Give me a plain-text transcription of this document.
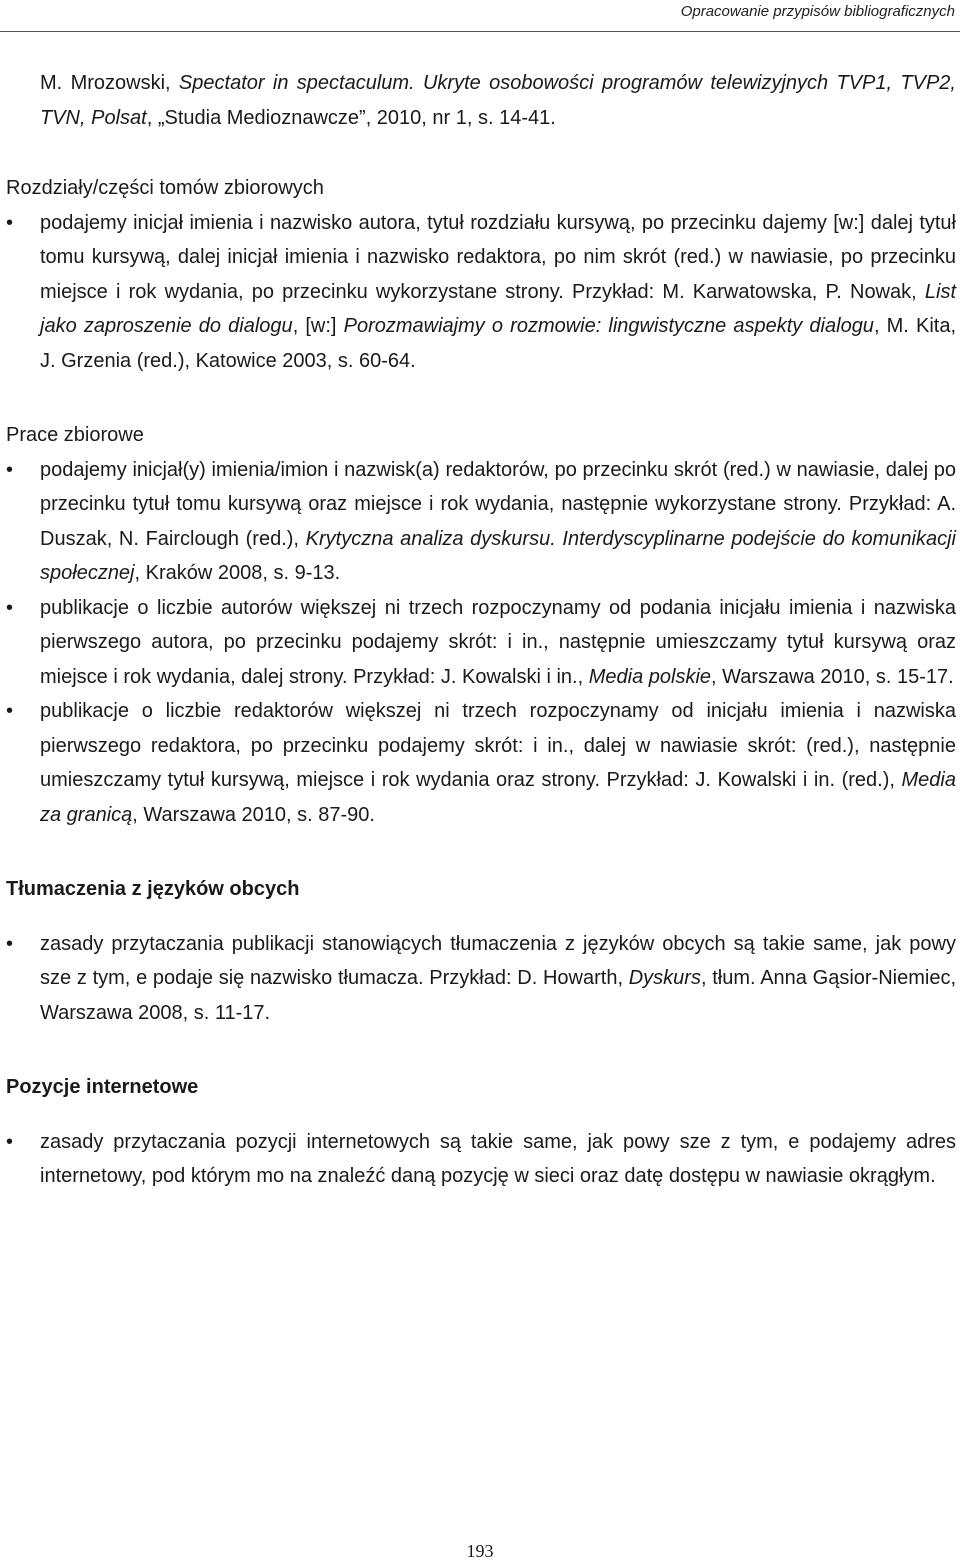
Opracowanie przypisów bibliograficznych

M. Mrozowski, Spectator in spectaculum. Ukryte osobowości programów telewizyjnych TVP1, TVP2, TVN, Polsat, „Studia Medioznawcze”, 2010, nr 1, s. 14-41.

Rozdziały/części tomów zbiorowych

• podajemy inicjał imienia i nazwisko autora, tytuł rozdziału kursywą, po przecinku dajemy [w:] dalej tytuł tomu kursywą, dalej inicjał imienia i nazwisko redaktora, po nim skrót (red.) w nawiasie, po przecinku miejsce i rok wydania, po przecinku wykorzystane strony. Przykład: M. Karwatowska, P. Nowak, List jako zaproszenie do dialogu, [w:] Porozmawiajmy o rozmowie: lingwistyczne aspekty dialogu, M. Kita, J. Grzenia (red.), Katowice 2003, s. 60-64.

Prace zbiorowe

• podajemy inicjał(y) imienia/imion i nazwisk(a) redaktorów, po przecinku skrót (red.) w nawiasie, dalej po przecinku tytuł tomu kursywą oraz miejsce i rok wydania, następnie wykorzystane strony. Przykład: A. Duszak, N. Fairclough (red.), Krytyczna analiza dyskursu. Interdyscyplinarne podejście do komunikacji społecznej, Kraków 2008, s. 9-13.
• publikacje o liczbie autorów większej ni trzech rozpoczynamy od podania inicjału imienia i nazwiska pierwszego autora, po przecinku podajemy skrót: i in., następnie umieszczamy tytuł kursywą oraz miejsce i rok wydania, dalej strony. Przykład: J. Kowalski i in., Media polskie, Warszawa 2010, s. 15-17.
• publikacje o liczbie redaktorów większej ni trzech rozpoczynamy od inicjału imienia i nazwiska pierwszego redaktora, po przecinku podajemy skrót: i in., dalej w nawiasie skrót: (red.), następnie umieszczamy tytuł kursywą, miejsce i rok wydania oraz strony. Przykład: J. Kowalski i in. (red.), Media za granicą, Warszawa 2010, s. 87-90.

Tłumaczenia z języków obcych

• zasady przytaczania publikacji stanowiących tłumaczenia z języków obcych są takie same, jak powy sze z tym, e podaje się nazwisko tłumacza. Przykład: D. Howarth, Dyskurs, tłum. Anna Gąsior-Niemiec, Warszawa 2008, s. 11-17.

Pozycje internetowe

• zasady przytaczania pozycji internetowych są takie same, jak powy sze z tym, e podajemy adres internetowy, pod którym mo na znaleźć daną pozycję w sieci oraz datę dostępu w nawiasie okrągłym.
193
